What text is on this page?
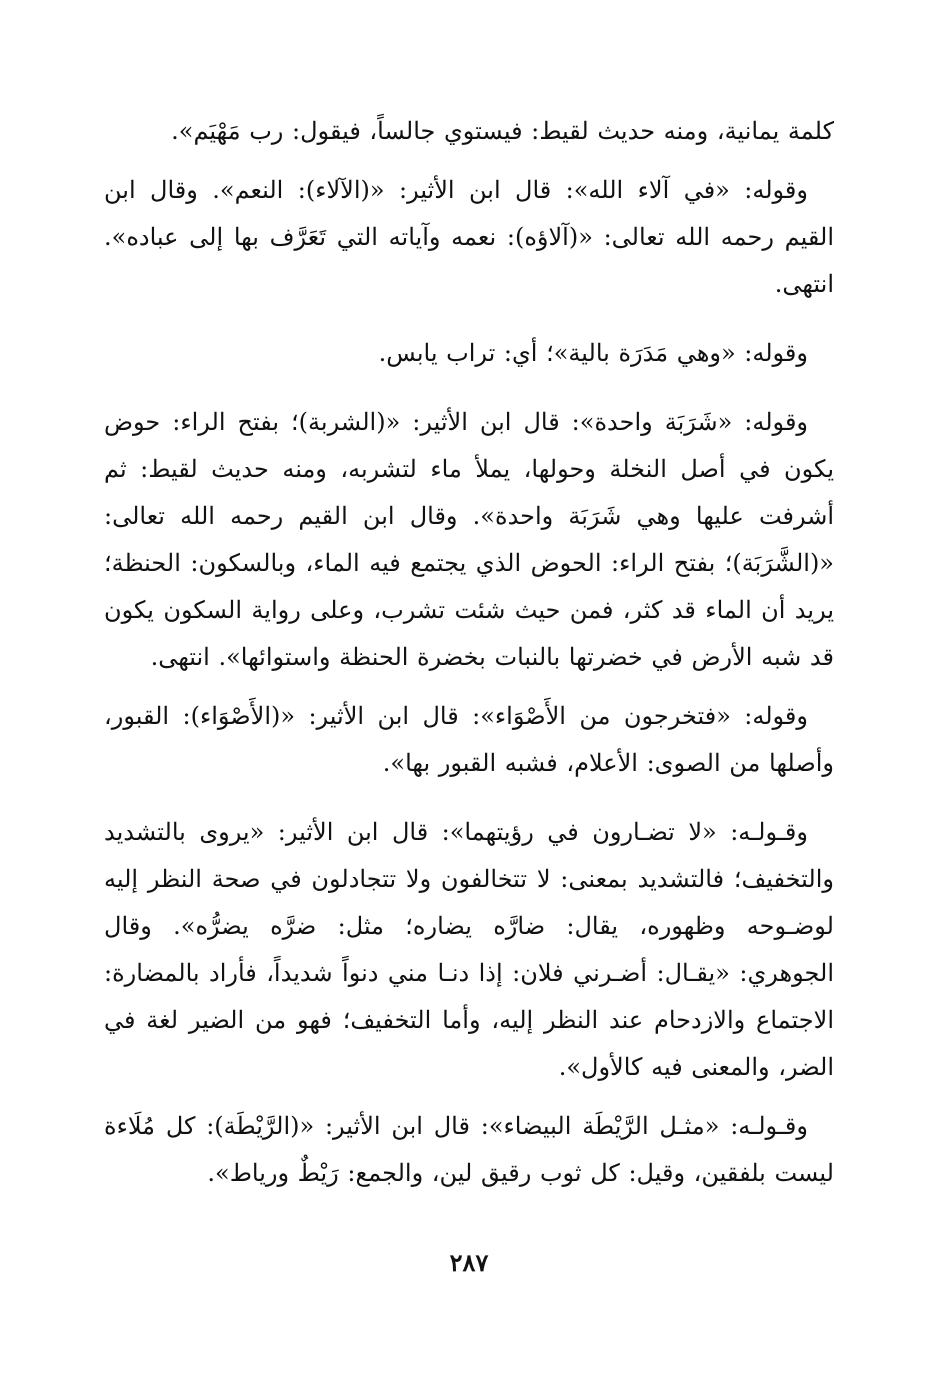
كلمة يمانية، ومنه حديث لقيط: فيستوي جالساً، فيقول: رب مَهْيَم».

وقوله: «في آلاء الله»: قال ابن الأثير: «(الآلاء): النعم». وقال ابن القيم رحمه الله تعالى: «(آلاؤه): نعمه وآياته التي تَعَرَّف بها إلى عباده». انتهى.

وقوله: «وهي مَدَرَة بالية»؛ أي: تراب يابس.

وقوله: «شَرَبَة واحدة»: قال ابن الأثير: «(الشربة)؛ بفتح الراء: حوض يكون في أصل النخلة وحولها، يملأ ماء لتشربه، ومنه حديث لقيط: ثم أشرفت عليها وهي شَرَبَة واحدة». وقال ابن القيم رحمه الله تعالى: «(الشَّرَبَة)؛ بفتح الراء: الحوض الذي يجتمع فيه الماء، وبالسكون: الحنظة؛ يريد أن الماء قد كثر، فمن حيث شئت تشرب، وعلى رواية السكون يكون قد شبه الأرض في خضرتها بالنبات بخضرة الحنظة واستوائها». انتهى.

وقوله: «فتخرجون من الأَصْوَاء»: قال ابن الأثير: «(الأَصْوَاء): القبور، وأصلها من الصوى: الأعلام، فشبه القبور بها».

وقـولـه: «لا تضـارون في رؤيتهما»: قال ابن الأثير: «يروى بالتشديد والتخفيف؛ فالتشديد بمعنى: لا تتخالفون ولا تتجادلون في صحة النظر إليه لوضـوحه وظهوره، يقال: ضارَّه يضاره؛ مثل: ضرَّه يضرُّه». وقال الجوهري: «يقـال: أضـرني فلان: إذا دنـا مني دنواً شديداً، فأراد بالمضارة: الاجتماع والازدحام عند النظر إليه، وأما التخفيف؛ فهو من الضير لغة في الضر، والمعنى فيه كالأول».

وقـولـه: «مثـل الرَّيْطَة البيضاء»: قال ابن الأثير: «(الرَّيْطَة): كل مُلَاءة ليست بلفقين، وقيل: كل ثوب رقيق لين، والجمع: رَيْطٌ ورياط».

٢٨٧
